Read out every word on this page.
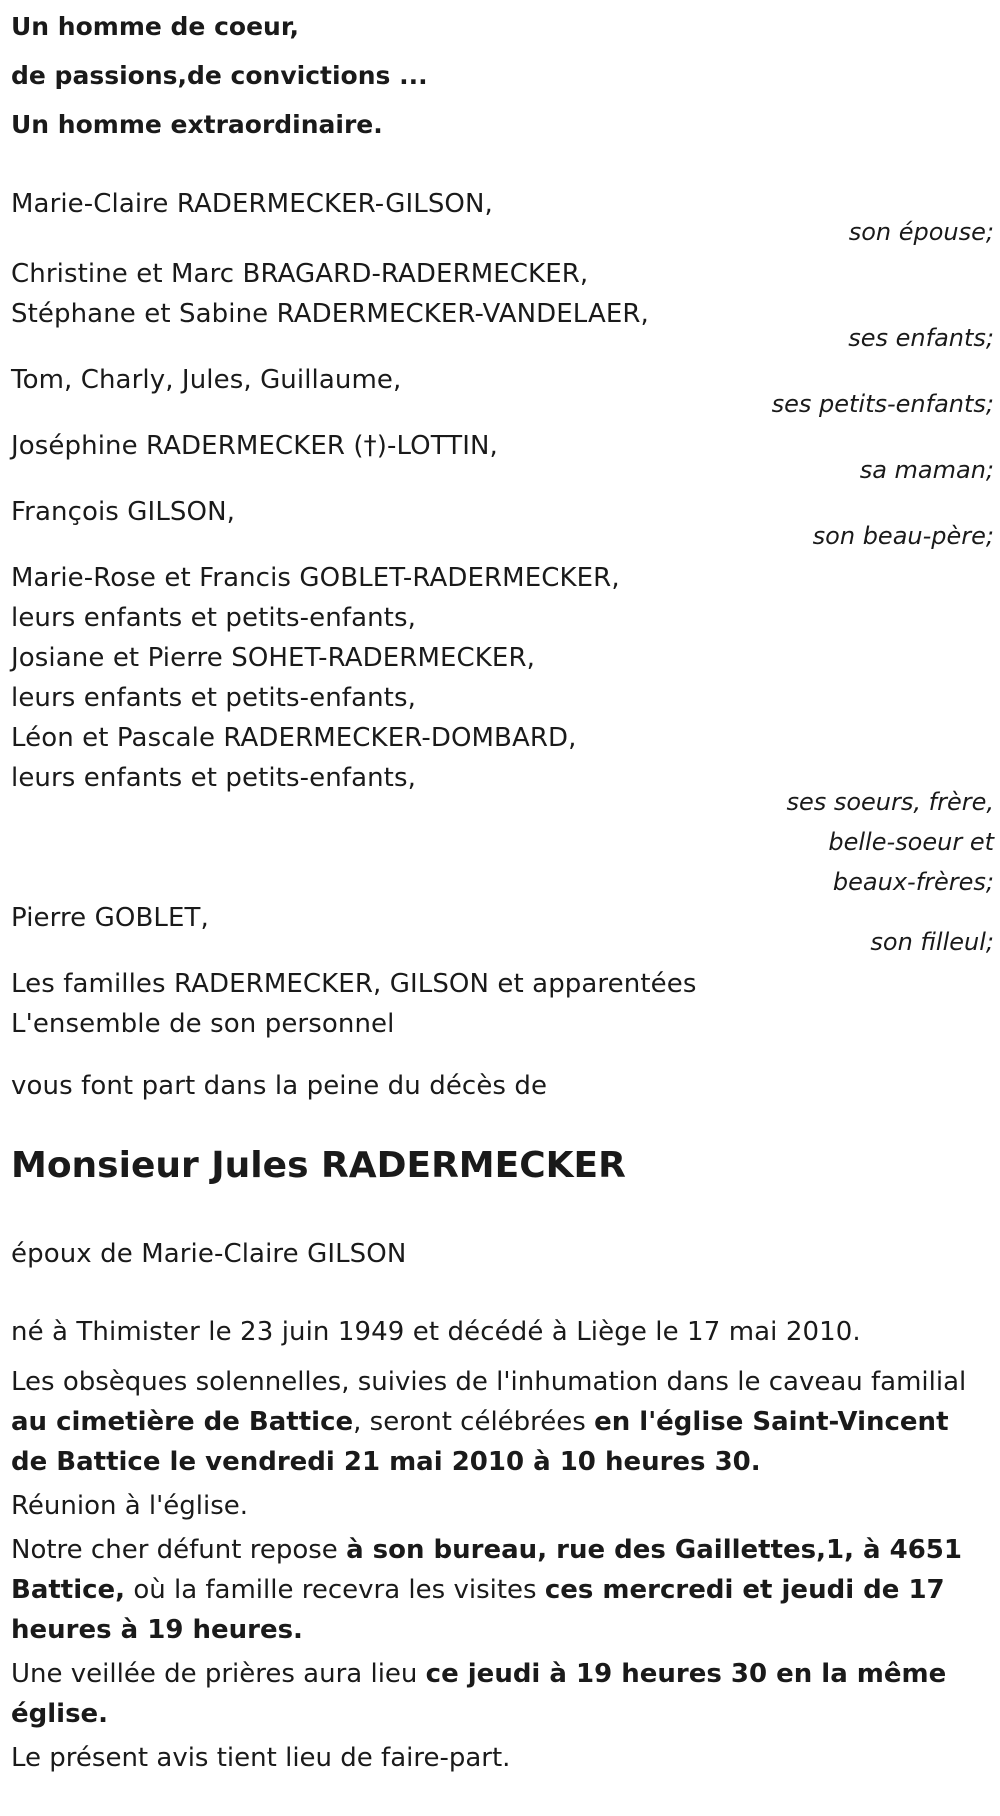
Un homme de coeur,
de passions,de convictions ...
Un homme extraordinaire.
Marie-Claire RADERMECKER-GILSON,
son épouse;
Christine et Marc BRAGARD-RADERMECKER,
Stéphane et Sabine RADERMECKER-VANDELAER,
ses enfants;
Tom, Charly, Jules, Guillaume,
ses petits-enfants;
Joséphine RADERMECKER (†)-LOTTIN,
sa maman;
François GILSON,
son beau-père;
Marie-Rose et Francis GOBLET-RADERMECKER,
leurs enfants et petits-enfants,
Josiane et Pierre SOHET-RADERMECKER,
leurs enfants et petits-enfants,
Léon et Pascale RADERMECKER-DOMBARD,
leurs enfants et petits-enfants,
ses soeurs, frère,
belle-soeur et
beaux-frères;
Pierre GOBLET,
son filleul;
Les familles RADERMECKER, GILSON et apparentées
L'ensemble de son personnel
vous font part dans la peine du décès de
Monsieur Jules RADERMECKER
époux de Marie-Claire GILSON
né à Thimister le 23 juin 1949 et décédé à Liège le 17 mai 2010.
Les obsèques solennelles, suivies de l'inhumation dans le caveau familial au cimetière de Battice, seront célébrées en l'église Saint-Vincent de Battice le vendredi 21 mai 2010 à 10 heures 30.
Réunion à l'église.
Notre cher défunt repose à son bureau, rue des Gaillettes,1, à 4651 Battice, où la famille recevra les visites ces mercredi et jeudi de 17 heures à 19 heures.
Une veillée de prières aura lieu ce jeudi à 19 heures 30 en la même église.
Le présent avis tient lieu de faire-part.
